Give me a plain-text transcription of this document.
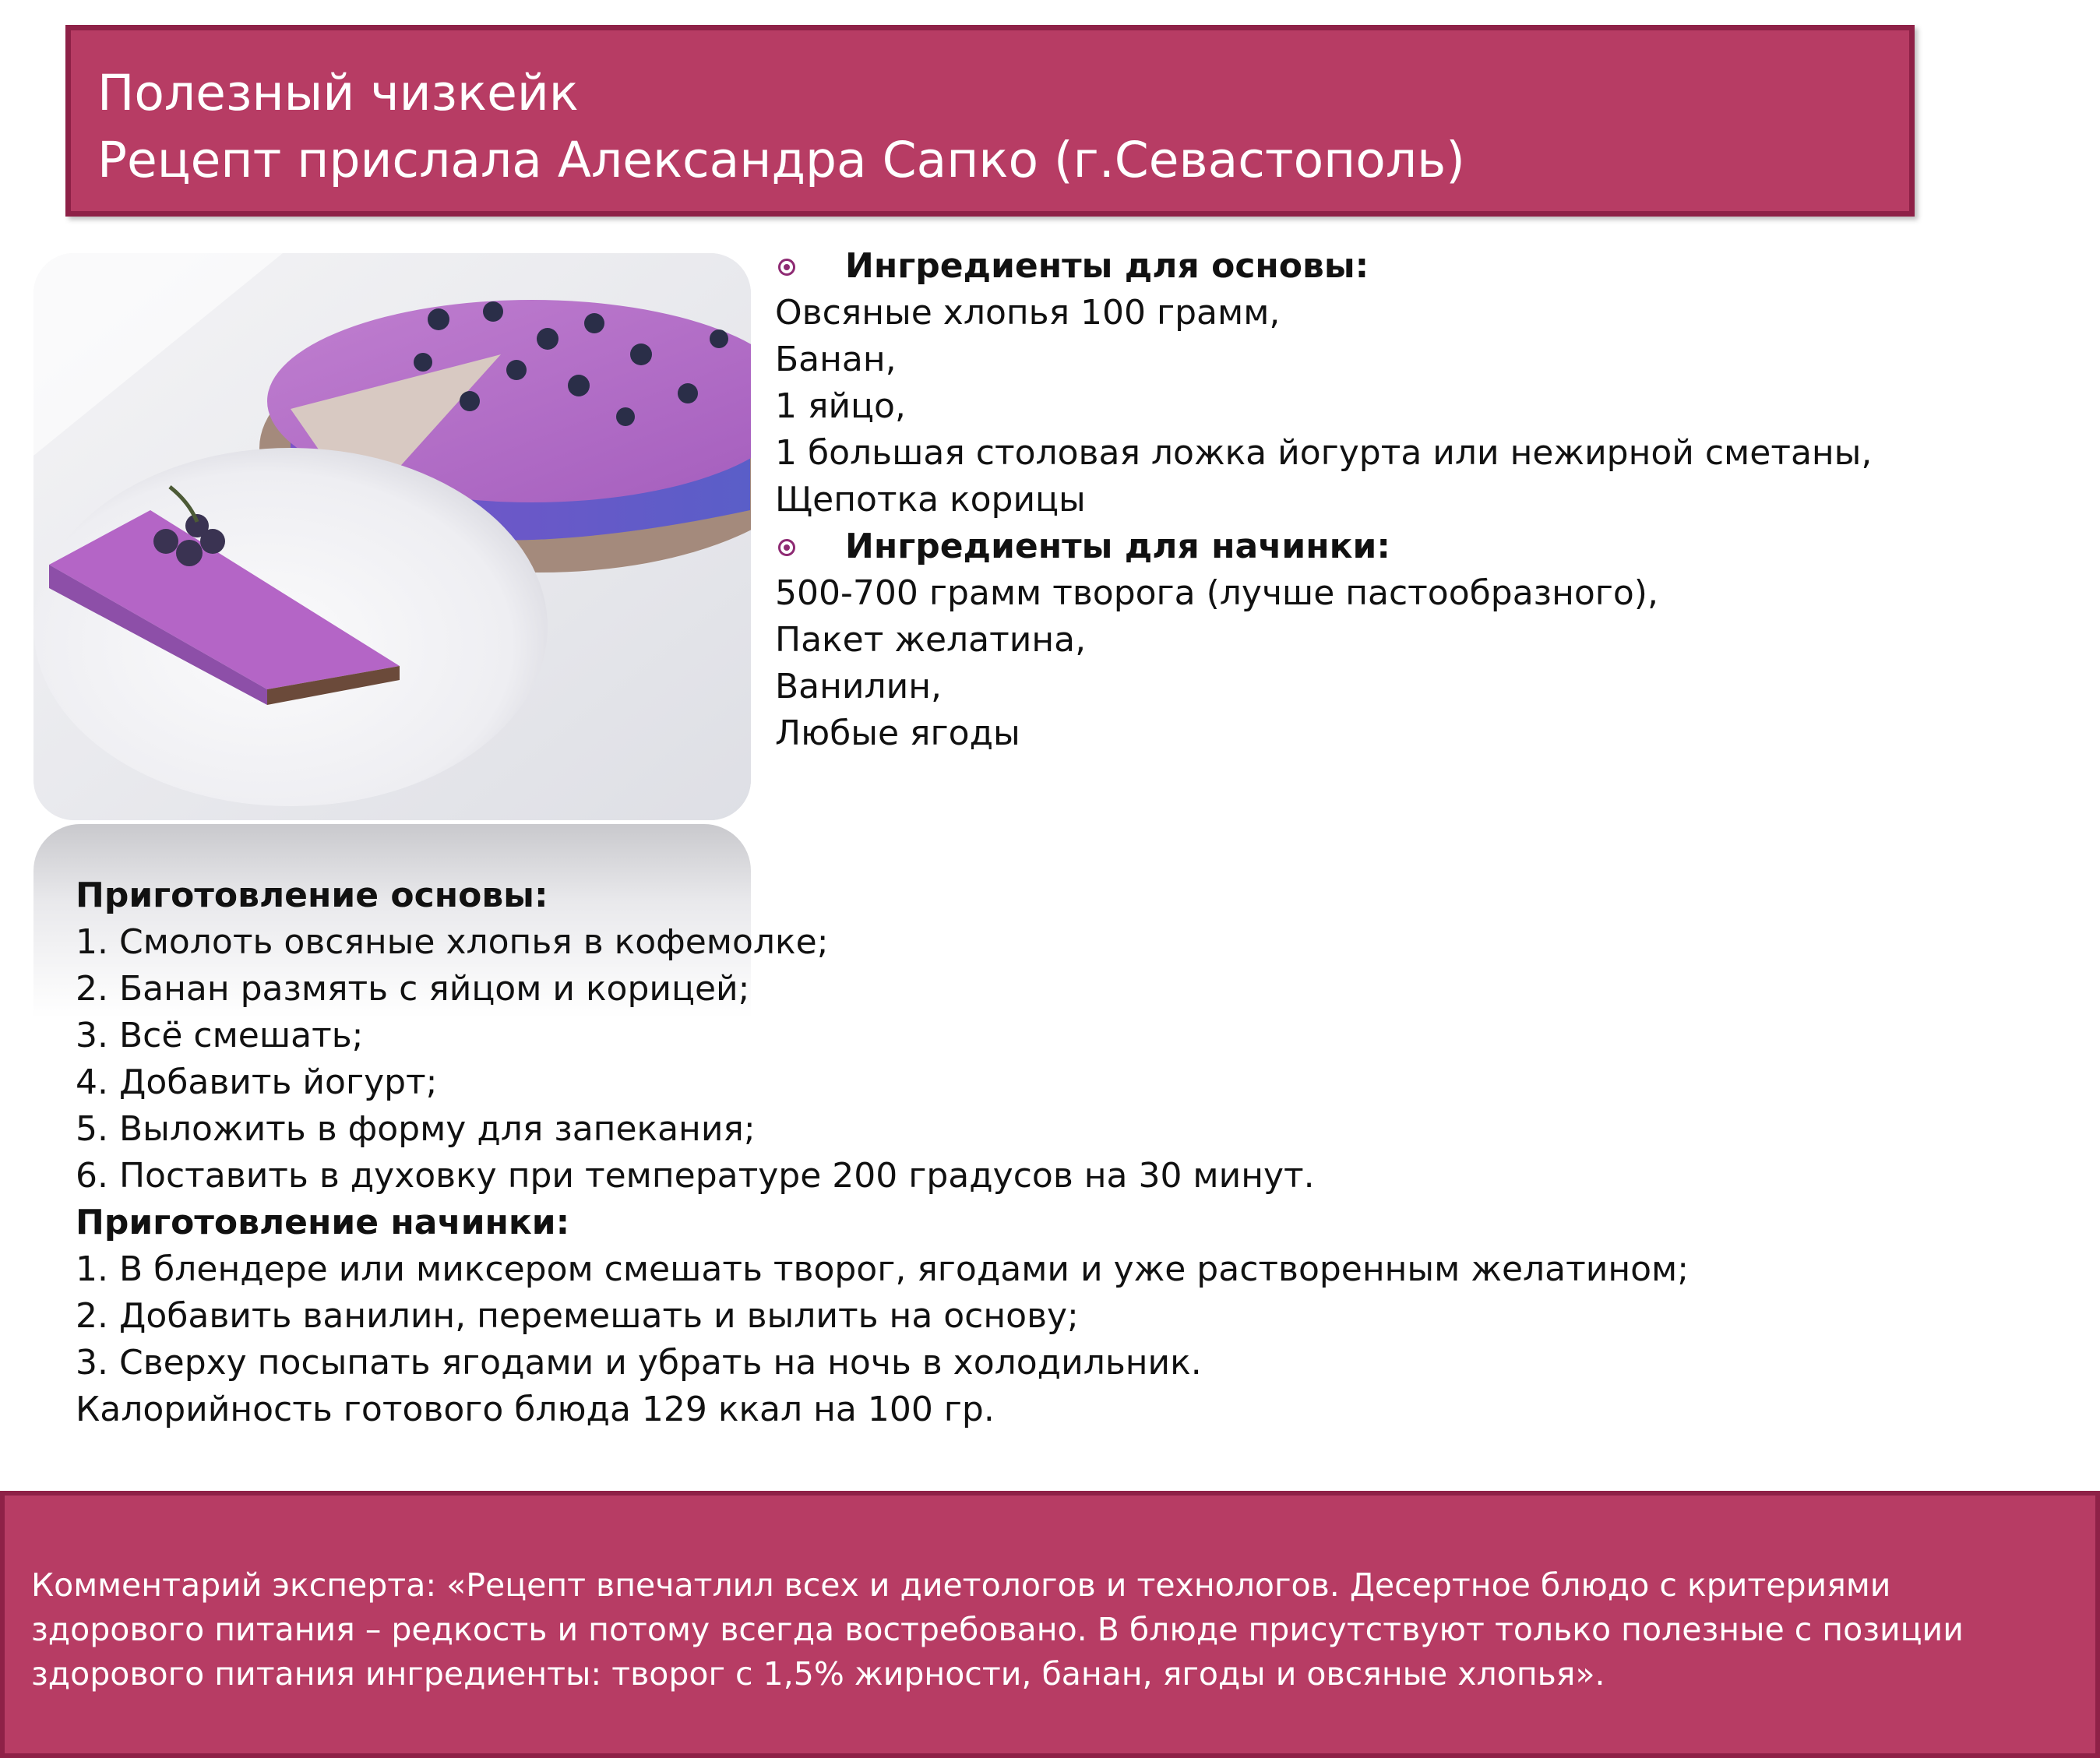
Полезный чизкейк
Рецепт прислала Александра Сапко (г.Севастополь)
Ингредиенты для основы:
Овсяные хлопья 100 грамм,
Банан,
1 яйцо,
1 большая столовая ложка йогурта или нежирной сметаны,
Щепотка корицы
Ингредиенты для начинки:
500-700 грамм творога (лучше пастообразного),
Пакет желатина,
Ванилин,
Любые ягоды
Приготовление основы:
1. Смолоть овсяные хлопья в кофемолке;
2. Банан размять с яйцом и корицей;
3. Всё смешать;
4. Добавить йогурт;
5. Выложить в форму для запекания;
6. Поставить в духовку при температуре 200 градусов на 30 минут.
Приготовление начинки:
1. В блендере или миксером смешать творог, ягодами и уже растворенным желатином;
2. Добавить ванилин, перемешать и вылить на основу;
3. Сверху посыпать ягодами и убрать на ночь в холодильник.
Калорийность готового блюда 129 ккал на 100 гр.
Комментарий эксперта: «Рецепт впечатлил всех и диетологов и технологов. Десертное блюдо с критериями здорового питания – редкость и потому всегда востребовано. В блюде присутствуют только полезные с позиции здорового питания ингредиенты: творог с 1,5% жирности, банан, ягоды и овсяные хлопья».
